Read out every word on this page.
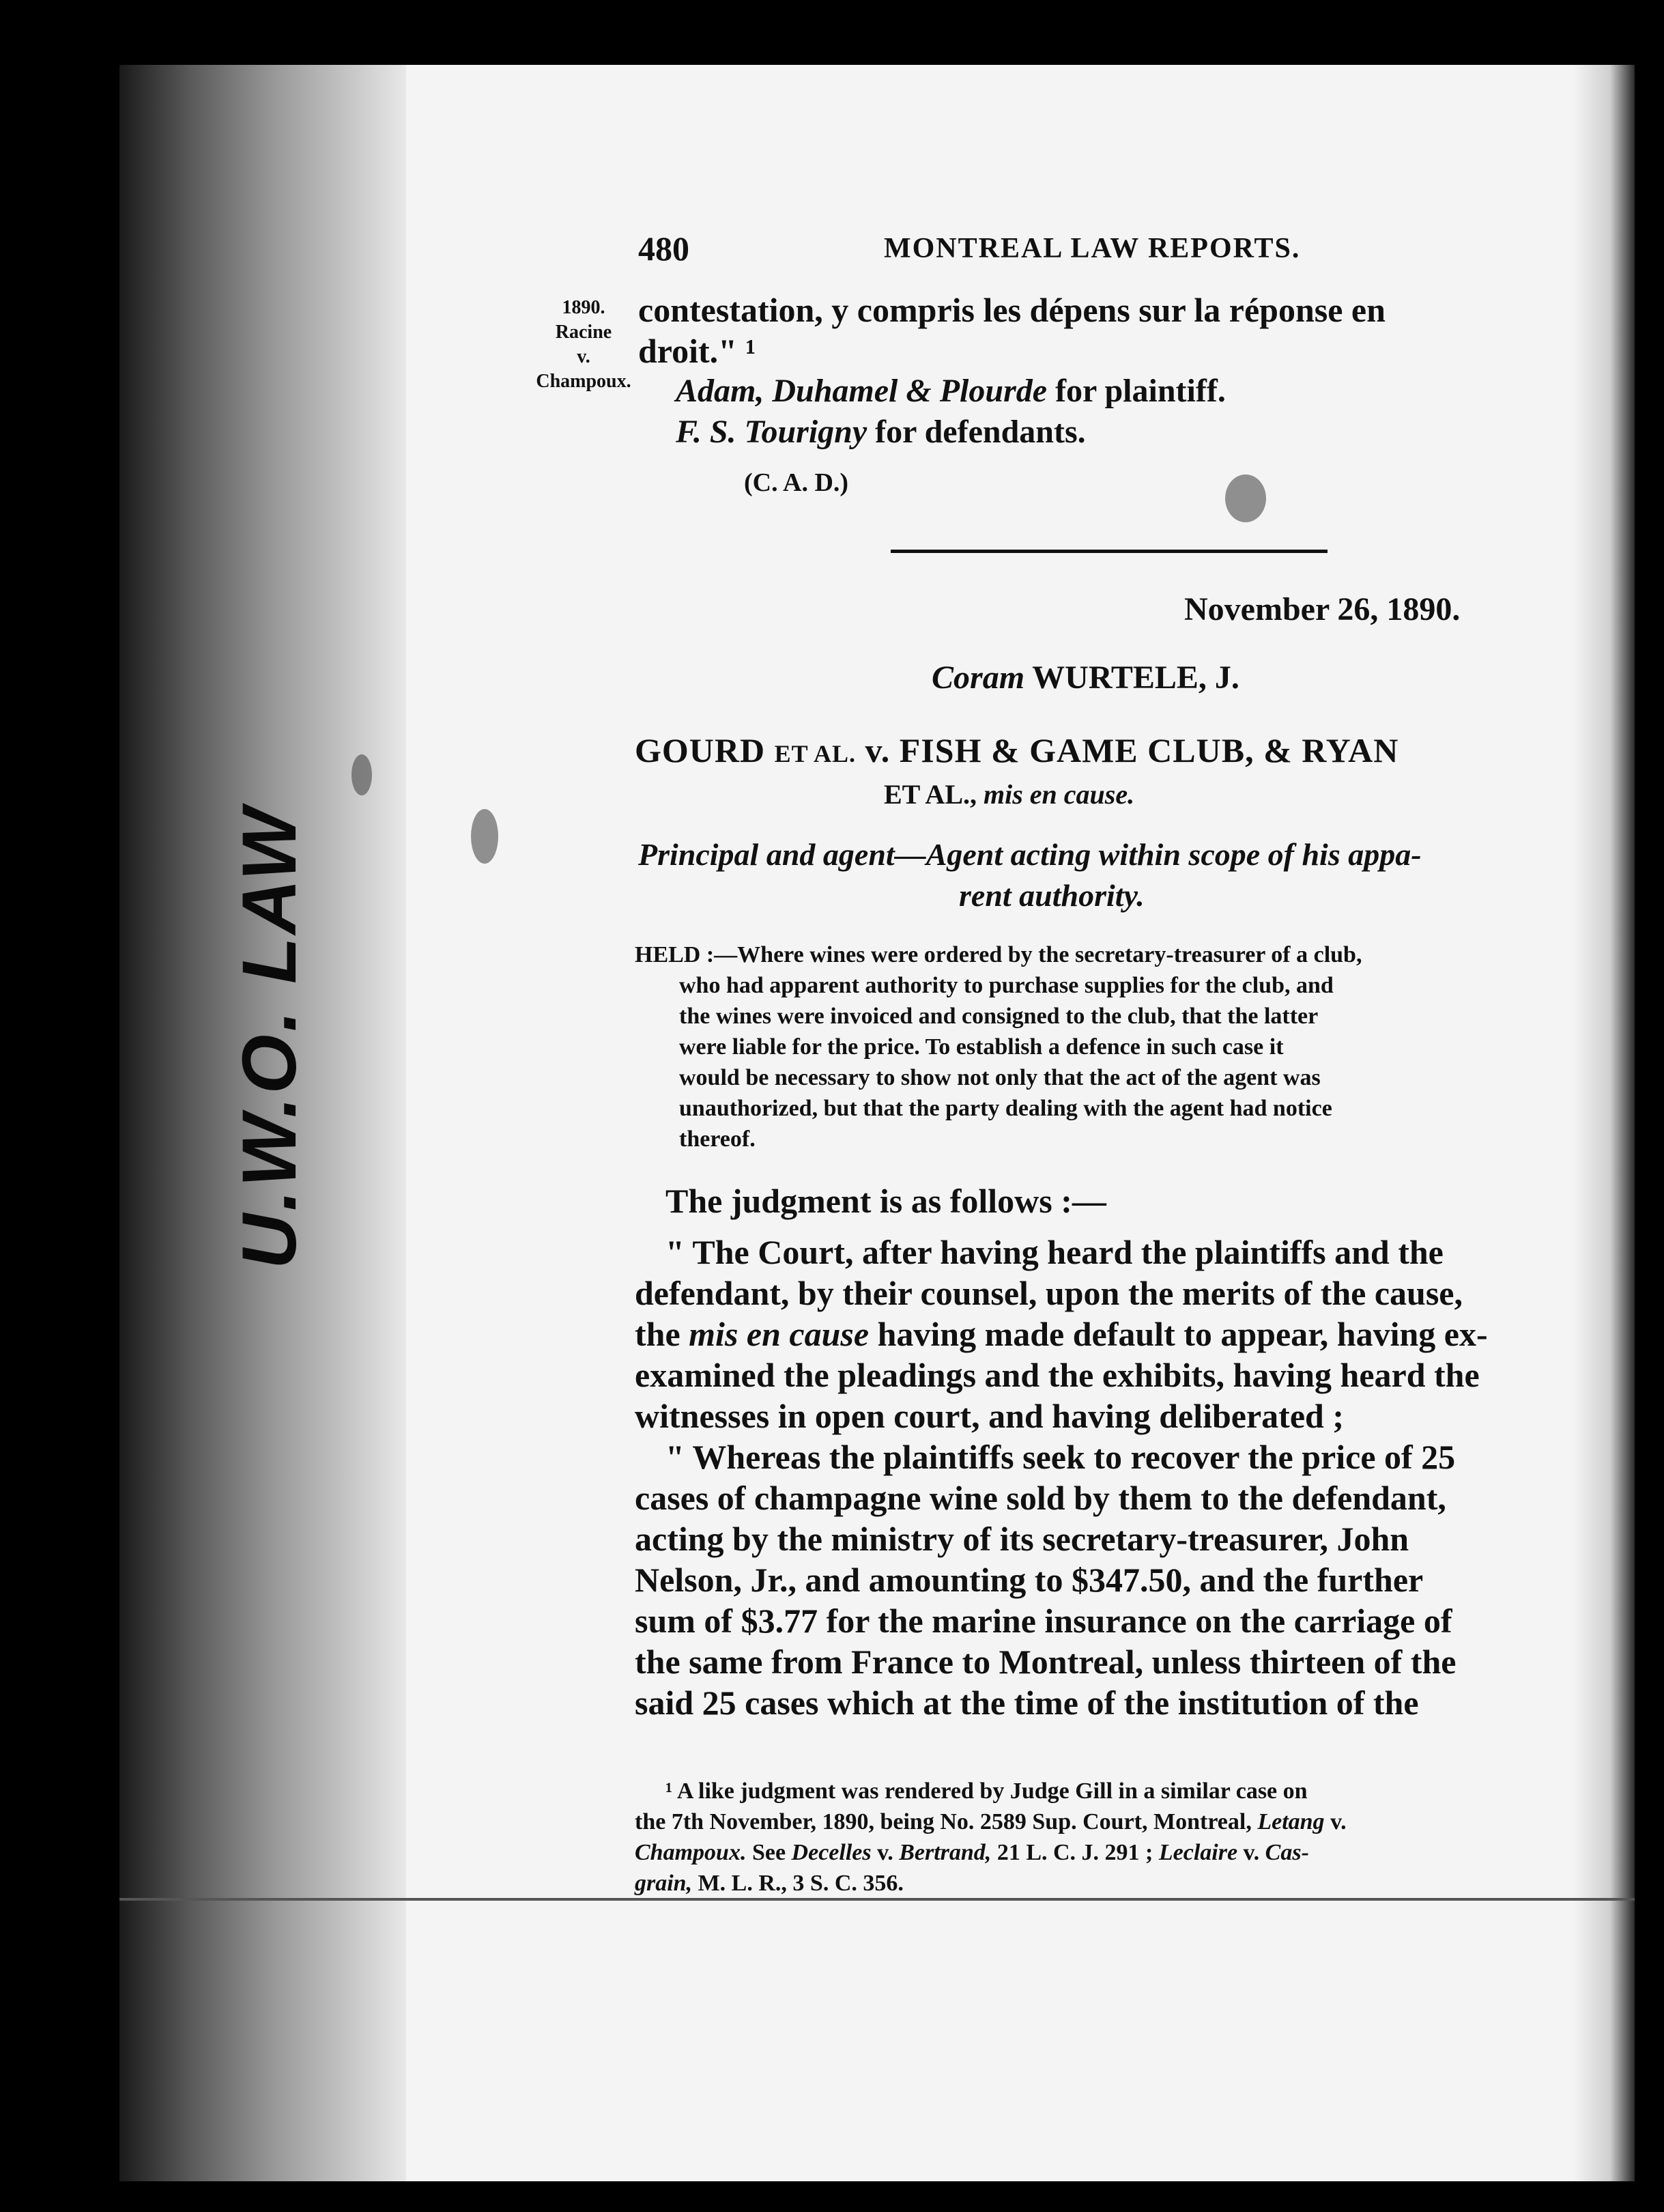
U.W.O. LAW
480	MONTREAL LAW REPORTS.
1890.
Racine
v.
Champoux.
contestation, y compris les dépens sur la réponse en
droit." ¹
Adam, Duhamel & Plourde for plaintiff.
F. S. Tourigny for defendants.
(C. A. D.)
November 26, 1890.
Coram WURTELE, J.
GOURD ET AL. v. FISH & GAME CLUB, & RYAN
ET AL., mis en cause.
Principal and agent—Agent acting within scope of his appa-
rent authority.
HELD :—Where wines were ordered by the secretary-treasurer of a club,
who had apparent authority to purchase supplies for the club, and
the wines were invoiced and consigned to the club, that the latter
were liable for the price. To establish a defence in such case it
would be necessary to show not only that the act of the agent was
unauthorized, but that the party dealing with the agent had notice
thereof.
The judgment is as follows :—
" The Court, after having heard the plaintiffs and the
defendant, by their counsel, upon the merits of the cause,
the mis en cause having made default to appear, having ex-
examined the pleadings and the exhibits, having heard the
witnesses in open court, and having deliberated ;
" Whereas the plaintiffs seek to recover the price of 25
cases of champagne wine sold by them to the defendant,
acting by the ministry of its secretary-treasurer, John
Nelson, Jr., and amounting to $347.50, and the further
sum of $3.77 for the marine insurance on the carriage of
the same from France to Montreal, unless thirteen of the
said 25 cases which at the time of the institution of the
¹ A like judgment was rendered by Judge Gill in a similar case on
the 7th November, 1890, being No. 2589 Sup. Court, Montreal, Letang v.
Champoux. See Decelles v. Bertrand, 21 L. C. J. 291 ; Leclaire v. Cas-
grain, M. L. R., 3 S. C. 356.
